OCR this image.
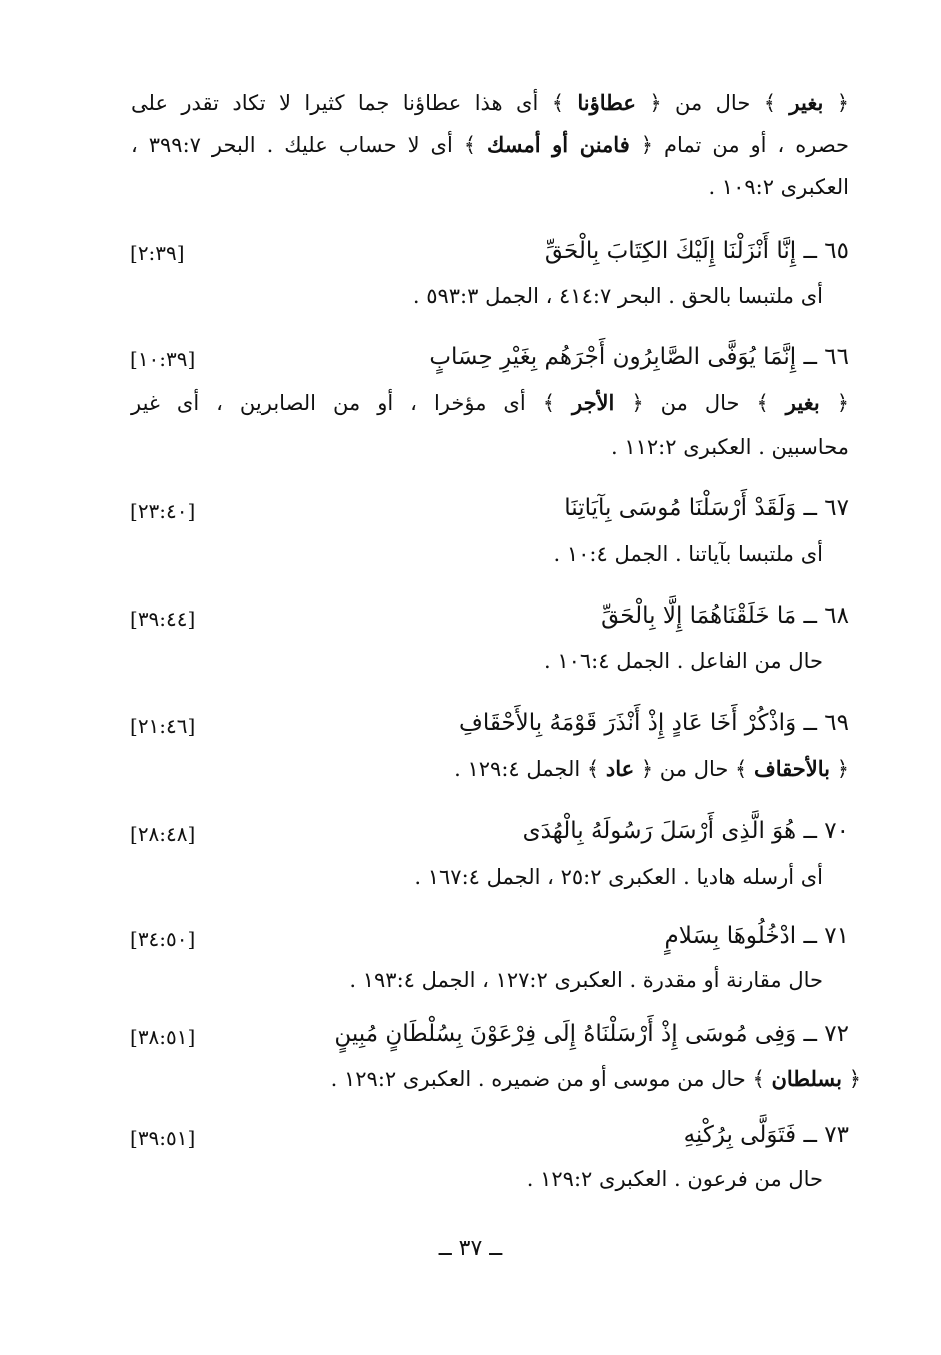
﴿ بغير ﴾ حال من ﴿ عطاؤنا ﴾ أى هذا عطاؤنا جما كثيرا لا تكاد تقدر على
حصره ، أو من تمام ﴿ فامنن أو أمسك ﴾ أى لا حساب عليك . البحر ٣٩٩:٧ ،
العكبرى ١٠٩:٢ .
٦٥ ــ إِنَّا أَنْزَلْنَا إِلَيْكَ الكِتَابَ بِالْحَقِّ
[٢:٣٩]
أى ملتبسا بالحق . البحر ٤١٤:٧ ، الجمل ٥٩٣:٣ .
٦٦ ــ إِنَّمَا يُوَفَّى الصَّابِرُون أَجْرَهُم بِغَيْرِ حِسَابٍ
[١٠:٣٩]
﴿ بغير ﴾ حال من ﴿ الأجر ﴾ أى مؤخرا ، أو من الصابرين ، أى غير
محاسبين . العكبرى ١١٢:٢ .
٦٧ ــ وَلَقَدْ أَرْسَلْنَا مُوسَى بِآيَاتِنَا
[٢٣:٤٠]
أى ملتبسا بآياتنا . الجمل ١٠:٤ .
٦٨ ــ مَا خَلَقْنَاهُمَا إِلَّا بِالْحَقِّ
[٣٩:٤٤]
حال من الفاعل . الجمل ١٠٦:٤ .
٦٩ ــ وَاذْكُرْ أَخَا عَادٍ إِذْ أَنْذَرَ قَوْمَهُ بِالأَحْقَافِ
[٢١:٤٦]
﴿ بالأحقاف ﴾ حال من ﴿ عاد ﴾ الجمل ١٢٩:٤ .
٧٠ ــ هُوَ الَّذِى أَرْسَلَ رَسُولَهُ بِالْهُدَى
[٢٨:٤٨]
أى أرسله هاديا . العكبرى ٢٥:٢ ، الجمل ١٦٧:٤ .
٧١ ــ ادْخُلُوهَا بِسَلامٍ
[٣٤:٥٠]
حال مقارنة أو مقدرة . العكبرى ١٢٧:٢ ، الجمل ١٩٣:٤ .
٧٢ ــ وَفِى مُوسَى إِذْ أَرْسَلْنَاهُ إِلَى فِرْعَوْنَ بِسُلْطَانٍ مُبِينٍ
[٣٨:٥١]
﴿ بسلطان ﴾ حال من موسى أو من ضميره . العكبرى ١٢٩:٢ .
٧٣ ــ فَتَوَلَّى بِرُكْنِهِ
[٣٩:٥١]
حال من فرعون . العكبرى ١٢٩:٢ .
ــ ٣٧ ــ
